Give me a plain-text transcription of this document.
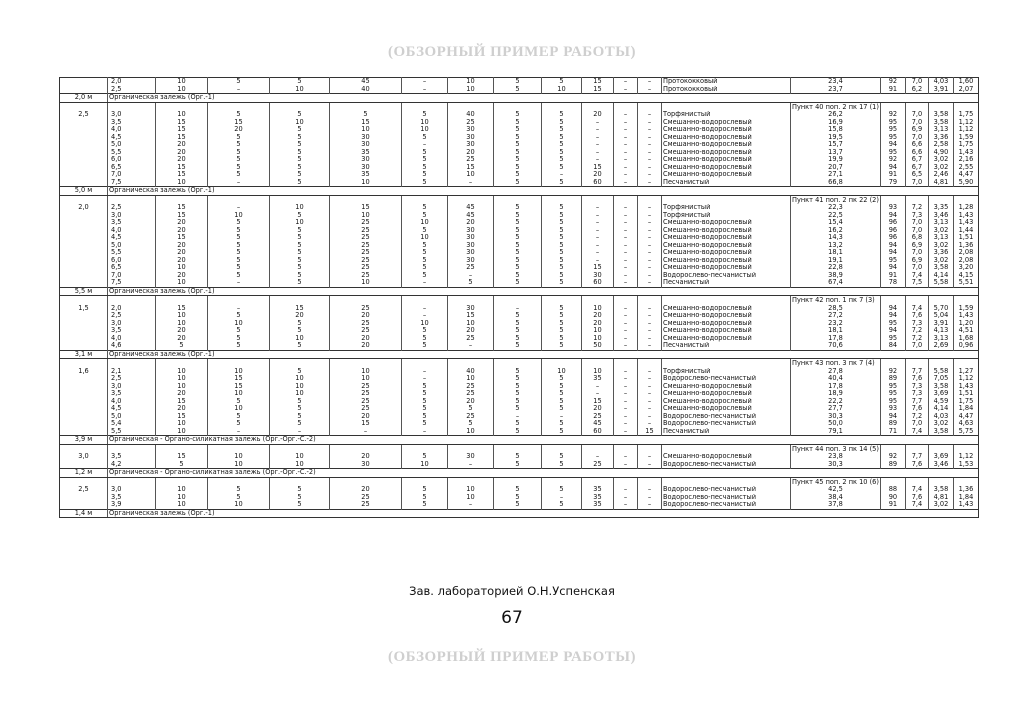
(ОБЗОРНЫЙ ПРИМЕР РАБОТЫ)
	2,0	10	5	5	45	–	10	5	5	15	–	–	Протококковый	23,4	92	7,0	4,03	1,60
	2,5	10	–	10	40	–	10	5	10	15	–	–	Протококковый	23,7	91	6,2	3,91	2,07
2,0 м	Органическая залежь (Орг.-1)																	
														Пункт 40 поп. 2 пк 17 (1)				
2,5	3,0	10	5	5	5	5	40	5	5	20	–	–	Торфянистый	26,2	92	7,0	3,58	1,75
	3,5	15	15	10	15	10	25	5	5	–	–	–	Смешанно-водорослевый	16,9	95	7,0	3,58	1,12
	4,0	15	20	5	10	10	30	5	5	–	–	–	Смешанно-водорослевый	15,8	95	6,9	3,13	1,12
	4,5	15	5	5	30	5	30	5	5	–	–	–	Смешанно-водорослевый	19,5	95	7,0	3,36	1,59
	5,0	20	5	5	30	–	30	5	5	–	–	–	Смешанно-водорослевый	15,7	94	6,6	2,58	1,75
	5,5	20	5	5	35	5	20	5	5	–	–	–	Смешанно-водорослевый	13,7	95	6,6	4,90	1,43
	6,0	20	5	5	30	5	25	5	5	–	–	–	Смешанно-водорослевый	19,9	92	6,7	3,02	2,16
	6,5	15	5	5	30	5	15	5	5	15	–	–	Смешанно-водорослевый	20,7	94	6,7	3,02	2,55
	7,0	15	5	5	35	5	10	5	–	20	–	–	Смешанно-водорослевый	27,1	91	6,5	2,46	4,47
	7,5	10	–	5	10	5	–	5	5	60	–	–	Песчанистый	66,8	79	7,0	4,81	5,90
5,0 м	Органическая залежь (Орг.-1)																	
														Пункт 41 поп. 2 пк 22 (2)				
2,0	2,5	15	–	10	15	5	45	5	5	–	–	–	Торфянистый	22,3	93	7,2	3,35	1,28
	3,0	15	10	5	10	5	45	5	5	–	–	–	Торфянистый	22,5	94	7,3	3,46	1,43
	3,5	20	5	10	25	10	20	5	5	–	–	–	Смешанно-водорослевый	15,4	96	7,0	3,13	1,43
	4,0	20	5	5	25	5	30	5	5	–	–	–	Смешанно-водорослевый	16,2	96	7,0	3,02	1,44
	4,5	15	5	5	25	10	30	5	5	–	–	–	Смешанно-водорослевый	14,3	96	6,8	3,13	1,51
	5,0	20	5	5	25	5	30	5	5	–	–	–	Смешанно-водорослевый	13,2	94	6,9	3,02	1,36
	5,5	20	5	5	25	5	30	5	5	–	–	–	Смешанно-водорослевый	18,1	94	7,0	3,36	2,08
	6,0	20	5	5	25	5	30	5	5	–	–	–	Смешанно-водорослевый	19,1	95	6,9	3,02	2,08
	6,5	10	5	5	25	5	25	5	5	15	–	–	Смешанно-водорослевый	22,8	94	7,0	3,58	3,20
	7,0	20	5	5	25	5	–	5	5	30	–	–	Водорослево-песчанистый	38,9	91	7,4	4,14	4,15
	7,5	10	–	5	10	–	5	5	5	60	–	–	Песчанистый	67,4	78	7,5	5,58	5,51
5,5 м	Органическая залежь (Орг.-1)																	
														Пункт 42 поп. 1 пк 7 (3)				
1,5	2,0	15	–	15	25	–	30	–	5	10	–	–	Смешанно-водорослевый	28,5	94	7,4	5,70	1,59
	2,5	10	5	20	20	–	15	5	5	20	–	–	Смешанно-водорослевый	27,2	94	7,6	5,04	1,43
	3,0	10	10	5	25	10	10	5	5	20	–	–	Смешанно-водорослевый	23,2	95	7,3	3,91	1,20
	3,5	20	5	5	25	5	20	5	5	10	–	–	Смешанно-водорослевый	18,1	94	7,2	4,13	4,51
	4,0	20	5	10	20	5	25	5	5	10	–	–	Смешанно-водорослевый	17,8	95	7,2	3,13	1,68
	4,6	5	5	5	20	5	–	5	5	50	–	–	Песчанистый	70,6	84	7,0	2,69	0,96
3,1 м	Органическая залежь (Орг.-1)																	
														Пункт 43 поп. 3 пк 7 (4)				
1,6	2,1	10	10	5	10	–	40	5	10	10	–	–	Торфянистый	27,8	92	7,7	5,58	1,27
	2,5	10	15	10	10	–	10	5	5	35	–	–	Водорослево-песчанистый	40,4	89	7,6	7,05	1,12
	3,0	10	15	10	25	5	25	5	5	–	–	–	Смешанно-водорослевый	17,8	95	7,3	3,58	1,43
	3,5	20	10	10	25	5	25	5	5	–	–	–	Смешанно-водорослевый	18,9	95	7,3	3,69	1,51
	4,0	15	5	5	25	5	20	5	5	15	–	–	Смешанно-водорослевый	22,2	95	7,7	4,59	1,75
	4,5	20	10	5	25	5	5	5	5	20	–	–	Смешанно-водорослевый	27,7	93	7,6	4,14	1,84
	5,0	15	5	5	20	5	25	–	–	25	–	–	Водорослево-песчанистый	30,3	94	7,2	4,03	4,47
	5,4	10	5	5	15	5	5	5	5	45	–	–	Водорослево-песчанистый	50,0	89	7,0	3,02	4,63
	5,5	10	–	–	–	–	10	5	5	60	–	15	Песчанистый	79,1	71	7,4	3,58	5,75
3,9 м	Органическая - Органо-силикатная залежь (Орг.-Орг.-С.-2)																	
														Пункт 44 поп. 3 пк 14 (5)				
3,0	3,5	15	10	10	20	5	30	5	5	–	–	–	Смешанно-водорослевый	23,8	92	7,7	3,69	1,12
	4,2	5	10	10	30	10	–	5	5	25	–	–	Водорослево-песчанистый	30,3	89	7,6	3,46	1,53
1,2 м	Органическая - Органо-силикатная залежь (Орг.-Орг.-С.-2)																	
														Пункт 45 поп. 2 пк 10 (6)				
2,5	3,0	10	5	5	20	5	10	5	5	35	–	–	Водорослево-песчанистый	42,5	88	7,4	3,58	1,36
	3,5	10	5	5	25	5	10	5	–	35	–	–	Водорослево-песчанистый	38,4	90	7,6	4,81	1,84
	3,9	10	10	5	25	5	–	5	5	35	–	–	Водорослево-песчанистый	37,8	91	7,4	3,02	1,43
1,4 м	Органическая залежь (Орг.-1)																	
Зав. лабораторией О.Н.Успенская
67
(ОБЗОРНЫЙ ПРИМЕР РАБОТЫ)
